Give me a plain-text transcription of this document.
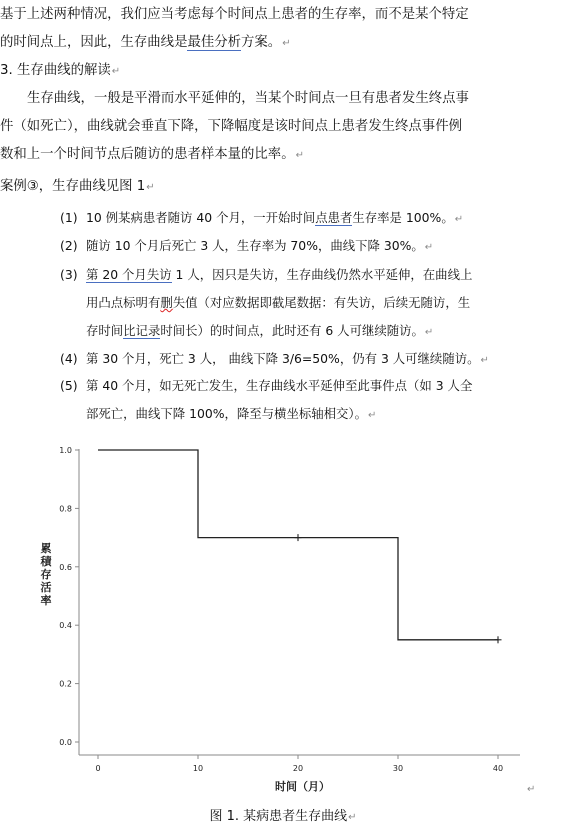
基于上述两种情况，我们应当考虑每个时间点上患者的生存率，而不是某个特定
的时间点上，因此，生存曲线是最佳分析方案。↵
3. 生存曲线的解读↵
生存曲线，一般是平滑而水平延伸的，当某个时间点一旦有患者发生终点事
件（如死亡），曲线就会垂直下降，下降幅度是该时间点上患者发生终点事件例
数和上一个时间节点后随访的患者样本量的比率。↵
案例③，生存曲线见图 1↵
(1) 10 例某病患者随访 40 个月，一开始时间点患者生存率是 100%。↵
(2) 随访 10 个月后死亡 3 人，生存率为 70%，曲线下降 30%。↵
(3) 第 20 个月失访 1 人，因只是失访，生存曲线仍然水平延伸，在曲线上
用凸点标明有删失值（对应数据即截尾数据：有失访，后续无随访，生
存时间比记录时间长）的时间点，此时还有 6 人可继续随访。↵
(4) 第 30 个月，死亡 3 人， 曲线下降 3/6=50%，仍有 3 人可继续随访。↵
(5) 第 40 个月，如无死亡发生，生存曲线水平延伸至此事件点（如 3 人全
部死亡，曲线下降 100%，降至与横坐标轴相交）。↵
0.0
0.2
0.4
0.6
0.8
1.0
0	10	20	30	40
时间（月）
累
積
存
活
率
↵
图 1. 某病患者生存曲线↵
